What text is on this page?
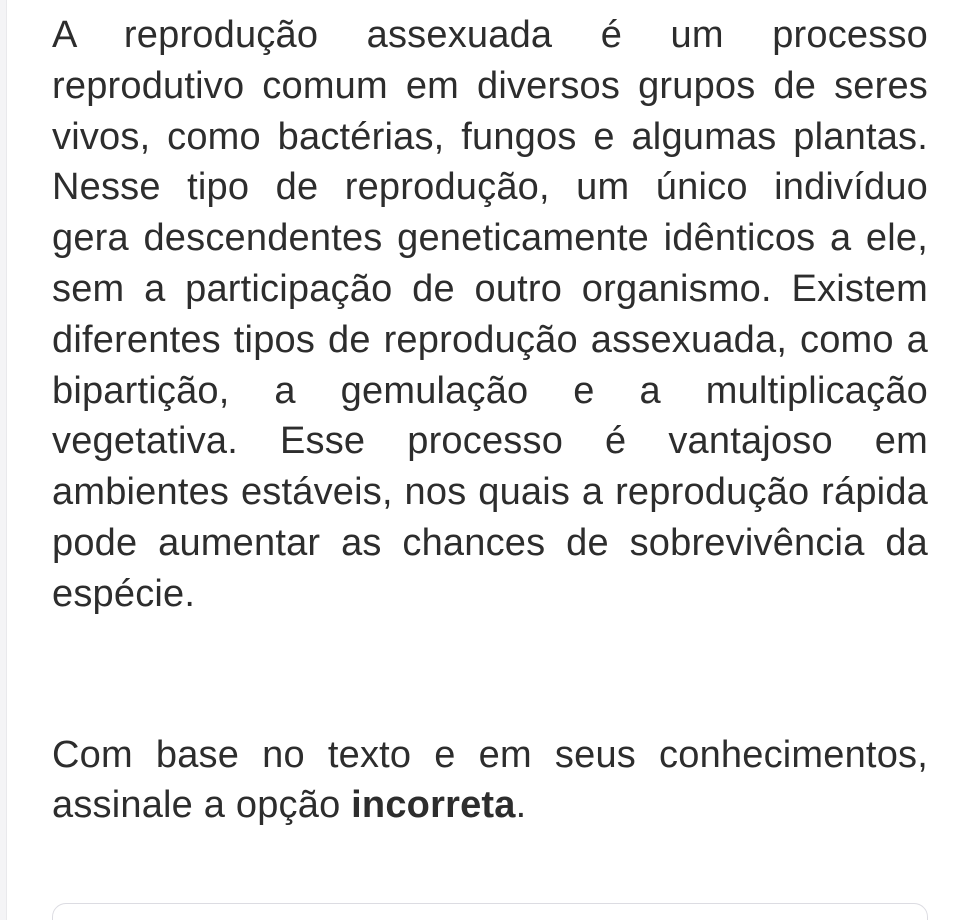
A reprodução assexuada é um processo reprodutivo comum em diversos grupos de seres vivos, como bactérias, fungos e algumas plantas. Nesse tipo de reprodução, um único indivíduo gera descendentes geneticamente idênticos a ele, sem a participação de outro organismo. Existem diferentes tipos de reprodução assexuada, como a bipartição, a gemulação e a multiplicação vegetativa. Esse processo é vantajoso em ambientes estáveis, nos quais a reprodução rápida pode aumentar as chances de sobrevivência da espécie.

Com base no texto e em seus conhecimentos, assinale a opção incorreta.
